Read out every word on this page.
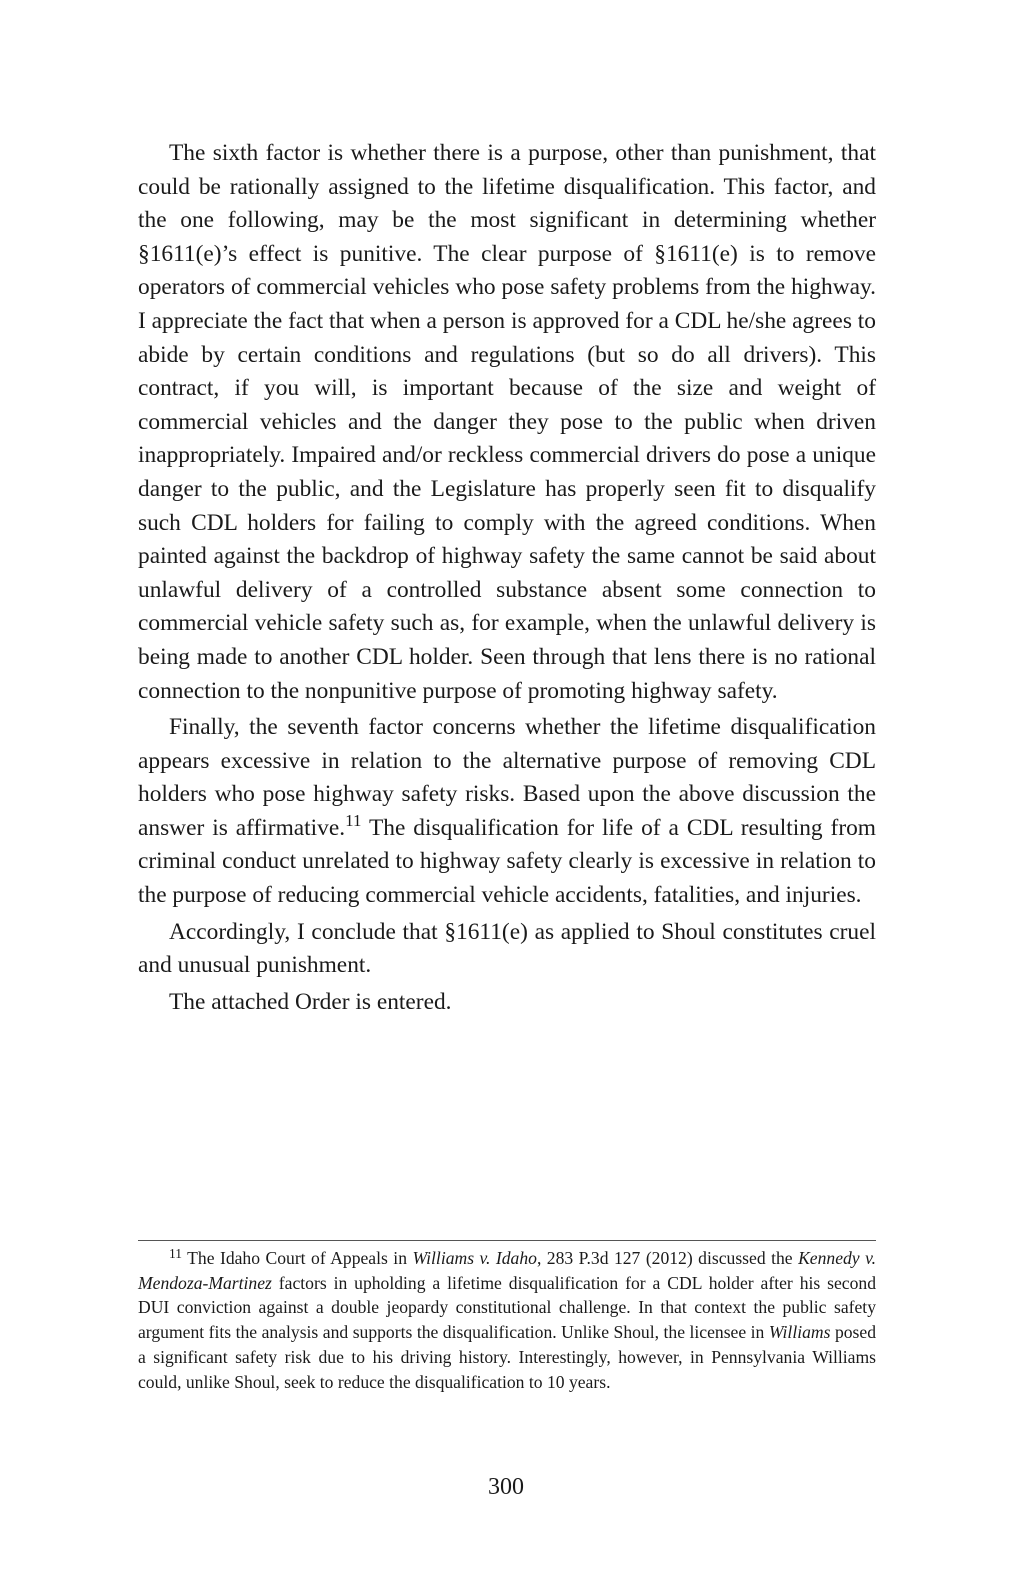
The sixth factor is whether there is a purpose, other than punishment, that could be rationally assigned to the lifetime disqualification. This factor, and the one following, may be the most significant in determining whether §1611(e)’s effect is punitive. The clear purpose of §1611(e) is to remove operators of commercial vehicles who pose safety problems from the highway. I appreciate the fact that when a person is approved for a CDL he/she agrees to abide by certain conditions and regulations (but so do all drivers). This contract, if you will, is important because of the size and weight of commercial vehicles and the danger they pose to the public when driven inappropriately. Impaired and/or reckless commercial drivers do pose a unique danger to the public, and the Legislature has properly seen fit to disqualify such CDL holders for failing to comply with the agreed conditions. When painted against the backdrop of highway safety the same cannot be said about unlawful delivery of a controlled substance absent some connection to commercial vehicle safety such as, for example, when the unlawful delivery is being made to another CDL holder. Seen through that lens there is no rational connection to the nonpunitive purpose of promoting highway safety.

Finally, the seventh factor concerns whether the lifetime disqualification appears excessive in relation to the alternative purpose of removing CDL holders who pose highway safety risks. Based upon the above discussion the answer is affirmative.$^{11}$ The disqualification for life of a CDL resulting from criminal conduct unrelated to highway safety clearly is excessive in relation to the purpose of reducing commercial vehicle accidents, fatalities, and injuries.

Accordingly, I conclude that §1611(e) as applied to Shoul constitutes cruel and unusual punishment.

The attached Order is entered.

$^{11}$ The Idaho Court of Appeals in Williams v. Idaho, 283 P.3d 127 (2012) discussed the Kennedy v. Mendoza-Martinez factors in upholding a lifetime disqualification for a CDL holder after his second DUI conviction against a double jeopardy constitutional challenge. In that context the public safety argument fits the analysis and supports the disqualification. Unlike Shoul, the licensee in Williams posed a significant safety risk due to his driving history. Interestingly, however, in Pennsylvania Williams could, unlike Shoul, seek to reduce the disqualification to 10 years.

300
